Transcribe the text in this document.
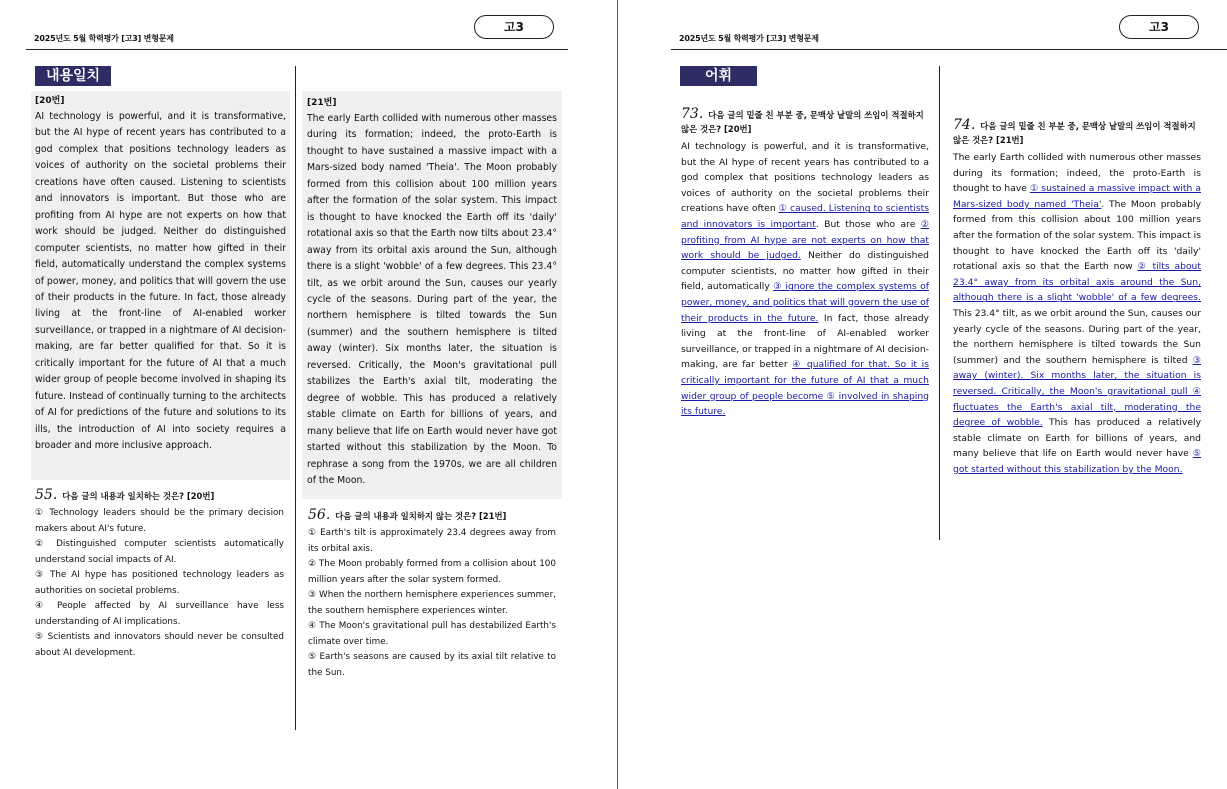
2025년도 5월 학력평가 [고3] 변형문제
고3
내용일치
[20번]
AI technology is powerful, and it is transformative, but the AI hype of recent years has contributed to a god complex that positions technology leaders as voices of authority on the societal problems their creations have often caused. Listening to scientists and innovators is important. But those who are profiting from AI hype are not experts on how that work should be judged. Neither do distinguished computer scientists, no matter how gifted in their field, automatically understand the complex systems of power, money, and politics that will govern the use of their products in the future. In fact, those already living at the front-line of AI-enabled worker surveillance, or trapped in a nightmare of AI decision-making, are far better qualified for that. So it is critically important for the future of AI that a much wider group of people become involved in shaping its future. Instead of continually turning to the architects of AI for predictions of the future and solutions to its ills, the introduction of AI into society requires a broader and more inclusive approach.
[21번]
The early Earth collided with numerous other masses during its formation; indeed, the proto-Earth is thought to have sustained a massive impact with a Mars-sized body named 'Theia'. The Moon probably formed from this collision about 100 million years after the formation of the solar system. This impact is thought to have knocked the Earth off its 'daily' rotational axis so that the Earth now tilts about 23.4° away from its orbital axis around the Sun, although there is a slight 'wobble' of a few degrees. This 23.4° tilt, as we orbit around the Sun, causes our yearly cycle of the seasons. During part of the year, the northern hemisphere is tilted towards the Sun (summer) and the southern hemisphere is tilted away (winter). Six months later, the situation is reversed. Critically, the Moon's gravitational pull stabilizes the Earth's axial tilt, moderating the degree of wobble. This has produced a relatively stable climate on Earth for billions of years, and many believe that life on Earth would never have got started without this stabilization by the Moon. To rephrase a song from the 1970s, we are all children of the Moon.
55. 다음 글의 내용과 일치하는 것은? [20번]
① Technology leaders should be the primary decision makers about AI's future.
② Distinguished computer scientists automatically understand social impacts of AI.
③ The AI hype has positioned technology leaders as authorities on societal problems.
④ People affected by AI surveillance have less understanding of AI implications.
⑤ Scientists and innovators should never be consulted about AI development.
56. 다음 글의 내용과 일치하지 않는 것은? [21번]
① Earth's tilt is approximately 23.4 degrees away from its orbital axis.
② The Moon probably formed from a collision about 100 million years after the solar system formed.
③ When the northern hemisphere experiences summer, the southern hemisphere experiences winter.
④ The Moon's gravitational pull has destabilized Earth's climate over time.
⑤ Earth's seasons are caused by its axial tilt relative to the Sun.
2025년도 5월 학력평가 [고3] 변형문제
고3
어휘
73. 다음 글의 밑줄 친 부분 중, 문맥상 낱말의 쓰임이 적절하지 않은 것은? [20번]
AI technology is powerful, and it is transformative, but the AI hype of recent years has contributed to a god complex that positions technology leaders as voices of authority on the societal problems their creations have often ① caused. Listening to scientists and innovators is important. But those who are ② profiting from AI hype are not experts on how that work should be judged. Neither do distinguished computer scientists, no matter how gifted in their field, automatically ③ ignore the complex systems of power, money, and politics that will govern the use of their products in the future. In fact, those already living at the front-line of AI-enabled worker surveillance, or trapped in a nightmare of AI decision-making, are far better ④ qualified for that. So it is critically important for the future of AI that a much wider group of people become ⑤ involved in shaping its future.
74. 다음 글의 밑줄 친 부분 중, 문맥상 낱말의 쓰임이 적절하지 않은 것은? [21번]
The early Earth collided with numerous other masses during its formation; indeed, the proto-Earth is thought to have ① sustained a massive impact with a Mars-sized body named 'Theia'. The Moon probably formed from this collision about 100 million years after the formation of the solar system. This impact is thought to have knocked the Earth off its 'daily' rotational axis so that the Earth now ② tilts about 23.4° away from its orbital axis around the Sun, although there is a slight 'wobble' of a few degrees. This 23.4° tilt, as we orbit around the Sun, causes our yearly cycle of the seasons. During part of the year, the northern hemisphere is tilted towards the Sun (summer) and the southern hemisphere is tilted ③ away (winter). Six months later, the situation is reversed. Critically, the Moon's gravitational pull ④ fluctuates the Earth's axial tilt, moderating the degree of wobble. This has produced a relatively stable climate on Earth for billions of years, and many believe that life on Earth would never have ⑤ got started without this stabilization by the Moon.
